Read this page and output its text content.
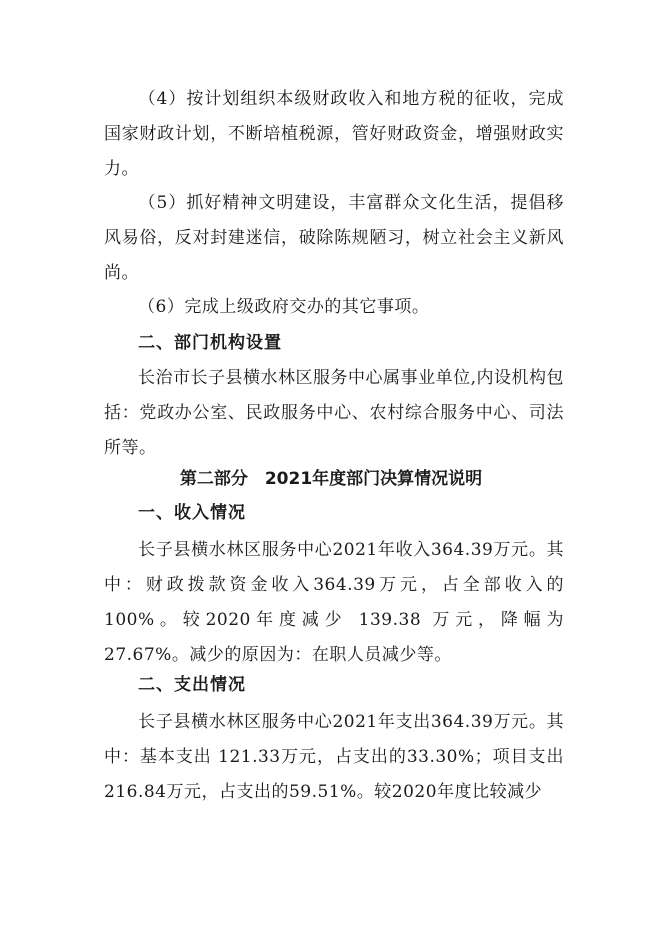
（4）按计划组织本级财政收入和地方税的征收，完成国家财政计划，不断培植税源，管好财政资金，增强财政实力。

（5）抓好精神文明建设，丰富群众文化生活，提倡移风易俗，反对封建迷信，破除陈规陋习，树立社会主义新风尚。

（6）完成上级政府交办的其它事项。

二、部门机构设置

长治市长子县横水林区服务中心属事业单位,内设机构包括：党政办公室、民政服务中心、农村综合服务中心、司法所等。

第二部分　2021年度部门决算情况说明
一、收入情况

长子县横水林区服务中心2021年收入364.39万元。其中：财政拨款资金收入364.39万元，占全部收入的100%。较2020年度减少 139.38 万元，降幅为27.67%。减少的原因为：在职人员减少等。

二、支出情况

长子县横水林区服务中心2021年支出364.39万元。其中：基本支出 121.33万元，占支出的33.30%；项目支出216.84万元，占支出的59.51%。较2020年度比较减少
